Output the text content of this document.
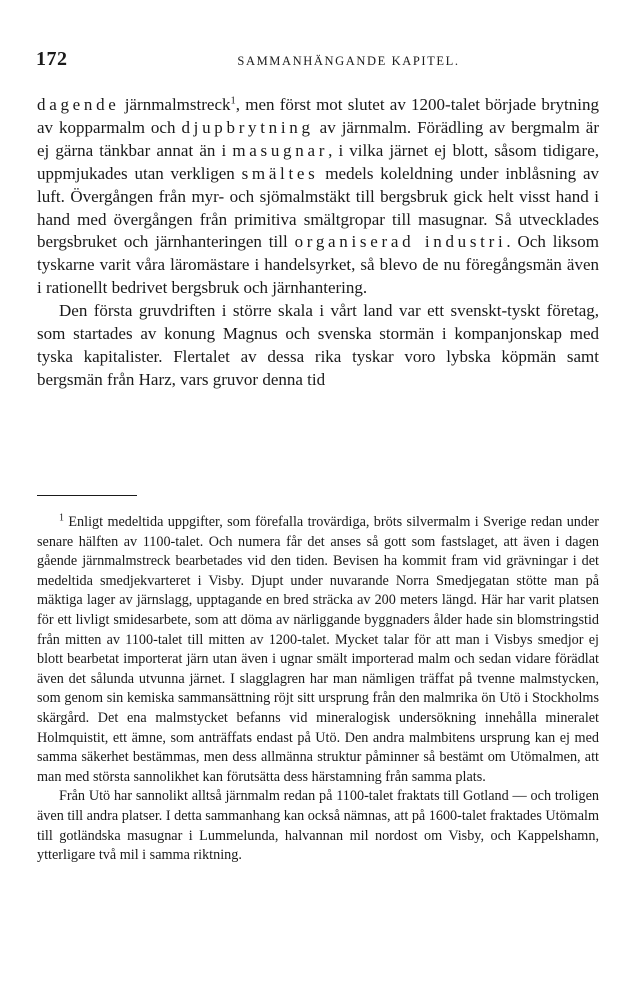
172	SAMMANHÄNGANDE KAPITEL.

dagende järnmalmstreck$^1$, men först mot slutet av 1200-talet började brytning av kopparmalm och djupbrytning av järnmalm. Förädling av bergmalm är ej gärna tänkbar annat än i masugnar, i vilka järnet ej blott, såsom tidigare, uppmjukades utan verkligen smältes medels koleldning under inblåsning av luft. Övergången från myr- och sjömalmstäkt till bergsbruk gick helt visst hand i hand med övergången från primitiva smältgropar till masugnar. Så utvecklades bergsbruket och järnhanteringen till organiserad industri. Och liksom tyskarne varit våra läromästare i handelsyrket, så blevo de nu föregångsmän även i rationellt bedrivet bergsbruk och järnhantering.

Den första gruvdriften i större skala i vårt land var ett svenskt-tyskt företag, som startades av konung Magnus och svenska stormän i kompanjonskap med tyska kapitalister. Flertalet av dessa rika tyskar voro lybska köpmän samt bergsmän från Harz, vars gruvor denna tid

$^1$ Enligt medeltida uppgifter, som förefalla trovärdiga, bröts silvermalm i Sverige redan under senare hälften av 1100-talet. Och numera får det anses så gott som fastslaget, att även i dagen gående järnmalmstreck bearbetades vid den tiden. Bevisen ha kommit fram vid grävningar i det medeltida smedjekvarteret i Visby. Djupt under nuvarande Norra Smedjegatan stötte man på mäktiga lager av järnslagg, upptagande en bred sträcka av 200 meters längd. Här har varit platsen för ett livligt smidesarbete, som att döma av närliggande byggnaders ålder hade sin blomstringstid från mitten av 1100-talet till mitten av 1200-talet. Mycket talar för att man i Visbys smedjor ej blott bearbetat importerat järn utan även i ugnar smält importerad malm och sedan vidare förädlat även det sålunda utvunna järnet. I slagglagren har man nämligen träffat på tvenne malmstycken, som genom sin kemiska sammansättning röjt sitt ursprung från den malmrika ön Utö i Stockholms skärgård. Det ena malmstycket befanns vid mineralogisk undersökning innehålla mineralet Holmquistit, ett ämne, som anträffats endast på Utö. Den andra malmbitens ursprung kan ej med samma säkerhet bestämmas, men dess allmänna struktur påminner så bestämt om Utömalmen, att man med största sannolikhet kan förutsätta dess härstamning från samma plats.

Från Utö har sannolikt alltså järnmalm redan på 1100-talet fraktats till Gotland — och troligen även till andra platser. I detta sammanhang kan också nämnas, att på 1600-talet fraktades Utömalm till gotländska masugnar i Lummelunda, halvannan mil nordost om Visby, och Kappelshamn, ytterligare två mil i samma riktning.
